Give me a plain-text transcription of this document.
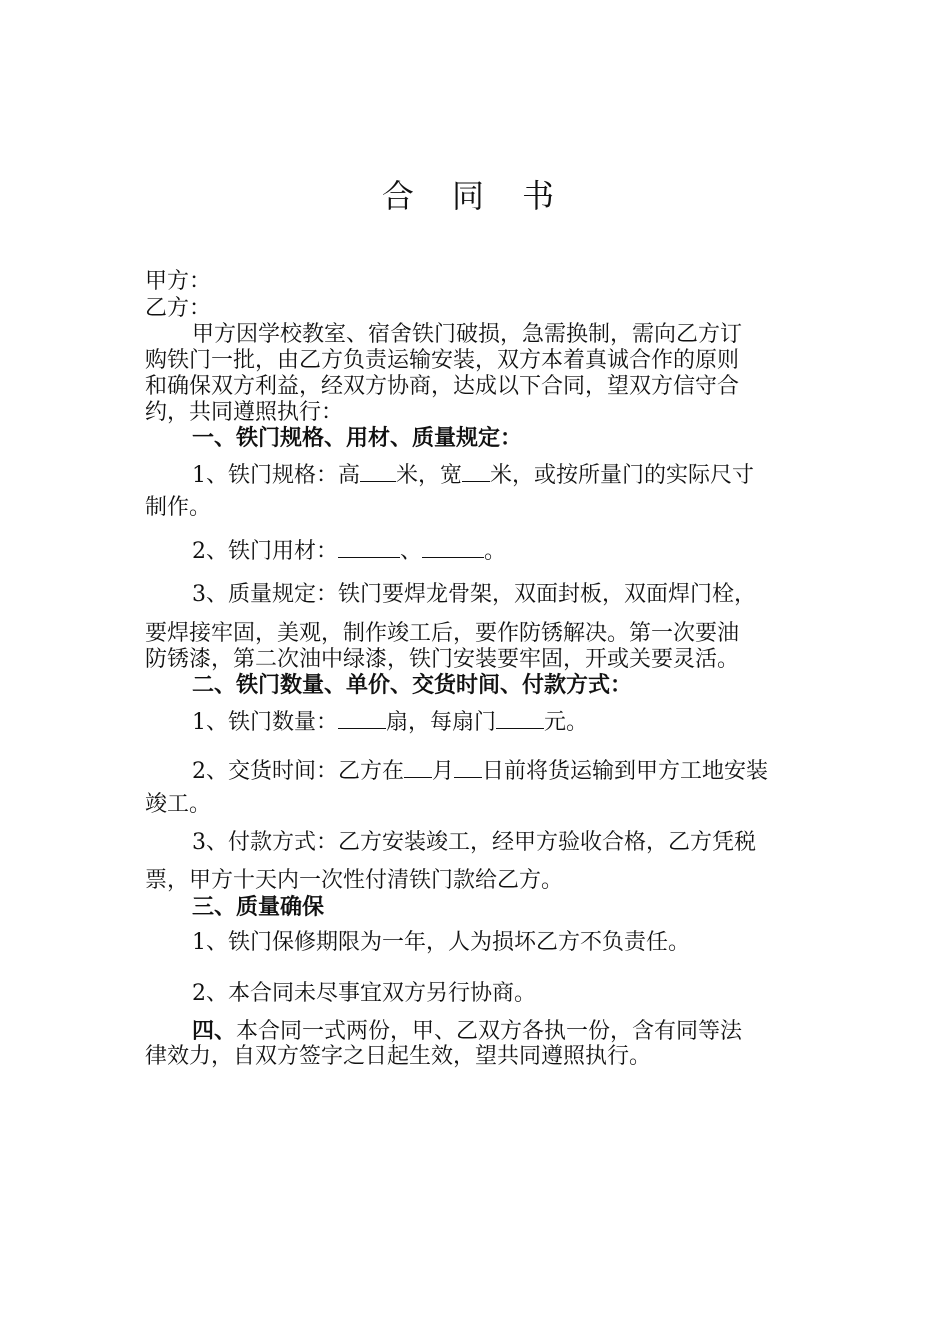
合 同 书
甲方：
乙方：
甲方因学校教室、宿舍铁门破损，急需换制，需向乙方订
购铁门一批，由乙方负责运输安装，双方本着真诚合作的原则
和确保双方利益，经双方协商，达成以下合同，望双方信守合
约，共同遵照执行：
一、铁门规格、用材、质量规定：
1、铁门规格：高 米，宽 米，或按所量门的实际尺寸
制作。
2、铁门用材：	、	。
3、质量规定：铁门要焊龙骨架，双面封板，双面焊门栓，
要焊接牢固，美观，制作竣工后，要作防锈解决。第一次要油
防锈漆，第二次油中绿漆，铁门安装要牢固，开或关要灵活。
二、铁门数量、单价、交货时间、付款方式：
1、铁门数量： 扇，每扇门 元。
2、交货时间：乙方在 月 日前将货运输到甲方工地安装
竣工。
3、付款方式：乙方安装竣工，经甲方验收合格，乙方凭税
票，甲方十天内一次性付清铁门款给乙方。
三、质量确保
1、铁门保修期限为一年，人为损坏乙方不负责任。
2、本合同未尽事宜双方另行协商。
四、本合同一式两份，甲、乙双方各执一份，含有同等法
律效力，自双方签字之日起生效，望共同遵照执行。
